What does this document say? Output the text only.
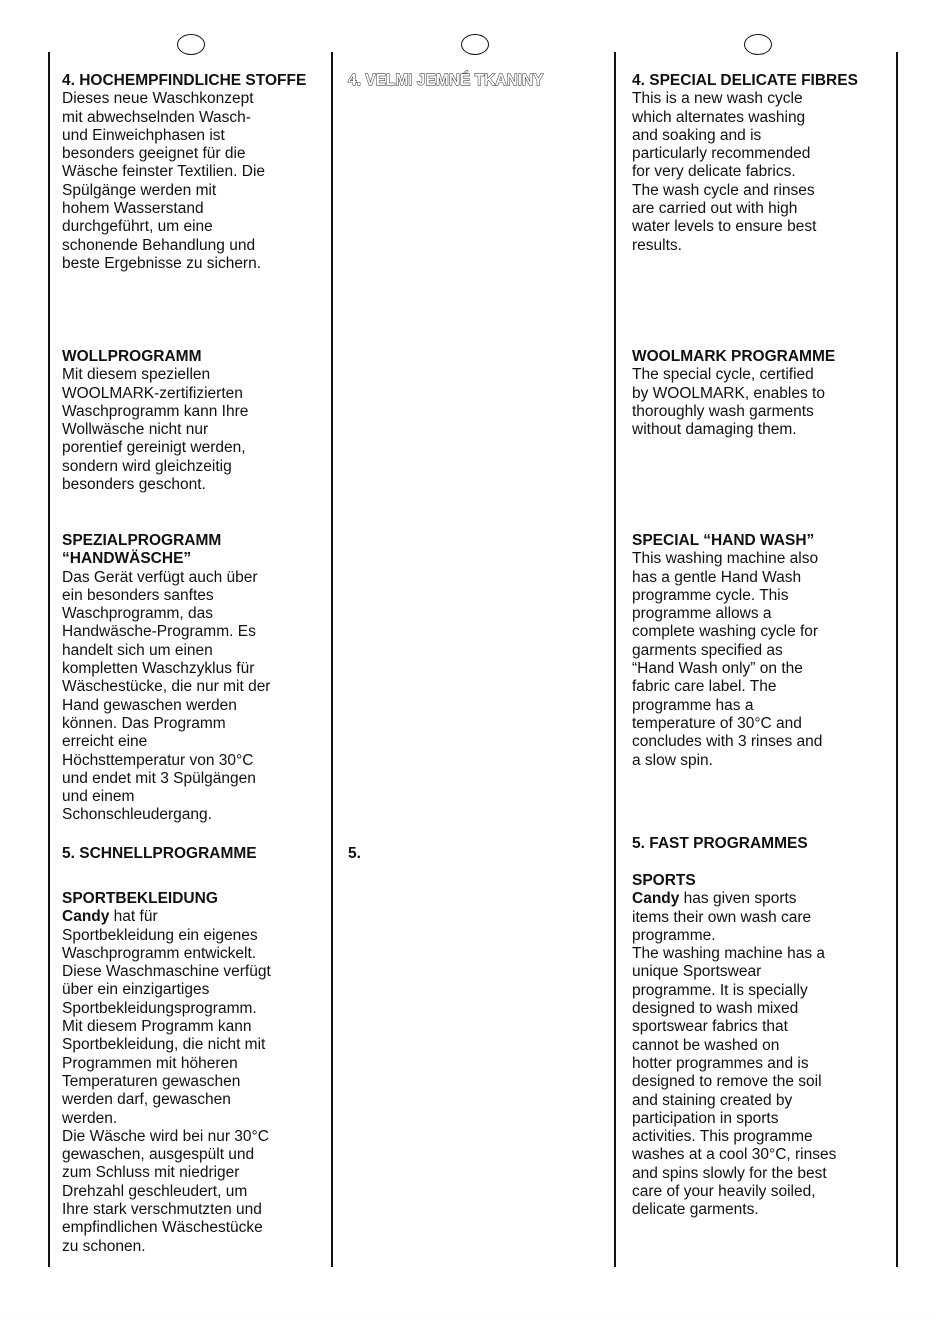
4. HOCHEMPFINDLICHE STOFFE

Dieses neue Waschkonzept
mit abwechselnden Wasch-
und Einweichphasen ist
besonders geeignet für die
Wäsche feinster Textilien. Die
Spülgänge werden mit
hohem Wasserstand
durchgeführt, um eine
schonende Behandlung und
beste Ergebnisse zu sichern.

WOLLPROGRAMM

Mit diesem speziellen
WOOLMARK-zertifizierten
Waschprogramm kann Ihre
Wollwäsche nicht nur
porentief gereinigt werden,
sondern wird gleichzeitig
besonders geschont.

SPEZIALPROGRAMM
“HANDWÄSCHE”

Das Gerät verfügt auch über
ein besonders sanftes
Waschprogramm, das
Handwäsche-Programm. Es
handelt sich um einen
kompletten Waschzyklus für
Wäschestücke, die nur mit der
Hand gewaschen werden
können. Das Programm
erreicht eine
Höchsttemperatur von 30°C
und endet mit 3 Spülgängen
und einem
Schonschleudergang.

5. SCHNELLPROGRAMME

SPORTBEKLEIDUNG

Candy hat für
Sportbekleidung ein eigenes
Waschprogramm entwickelt.
Diese Waschmaschine verfügt
über ein einzigartiges
Sportbekleidungsprogramm.
Mit diesem Programm kann
Sportbekleidung, die nicht mit
Programmen mit höheren
Temperaturen gewaschen
werden darf, gewaschen
werden.
Die Wäsche wird bei nur 30°C
gewaschen, ausgespült und
zum Schluss mit niedriger
Drehzahl geschleudert, um
Ihre stark verschmutzten und
empfindlichen Wäschestücke
zu schonen.

4. VELMI JEMNÉ TKANINY

5.

4. SPECIAL DELICATE FIBRES

This is a new wash cycle
which alternates washing
and soaking and is
particularly recommended
for very delicate fabrics.
The wash cycle and rinses
are carried out with high
water levels to ensure best
results.

WOOLMARK PROGRAMME

The special cycle, certified
by WOOLMARK, enables to
thoroughly wash garments
without damaging them.

SPECIAL “HAND WASH”

This washing machine also
has a gentle Hand Wash
programme cycle. This
programme allows a
complete washing cycle for
garments specified as
“Hand Wash only” on the
fabric care label. The
programme has a
temperature of 30°C and
concludes with 3 rinses and
a slow spin.

5. FAST PROGRAMMES

SPORTS

Candy has given sports
items their own wash care
programme.
The washing machine has a
unique Sportswear
programme. It is specially
designed to wash mixed
sportswear fabrics that
cannot be washed on
hotter programmes and is
designed to remove the soil
and staining created by
participation in sports
activities. This programme
washes at a cool 30°C, rinses
and spins slowly for the best
care of your heavily soiled,
delicate garments.
